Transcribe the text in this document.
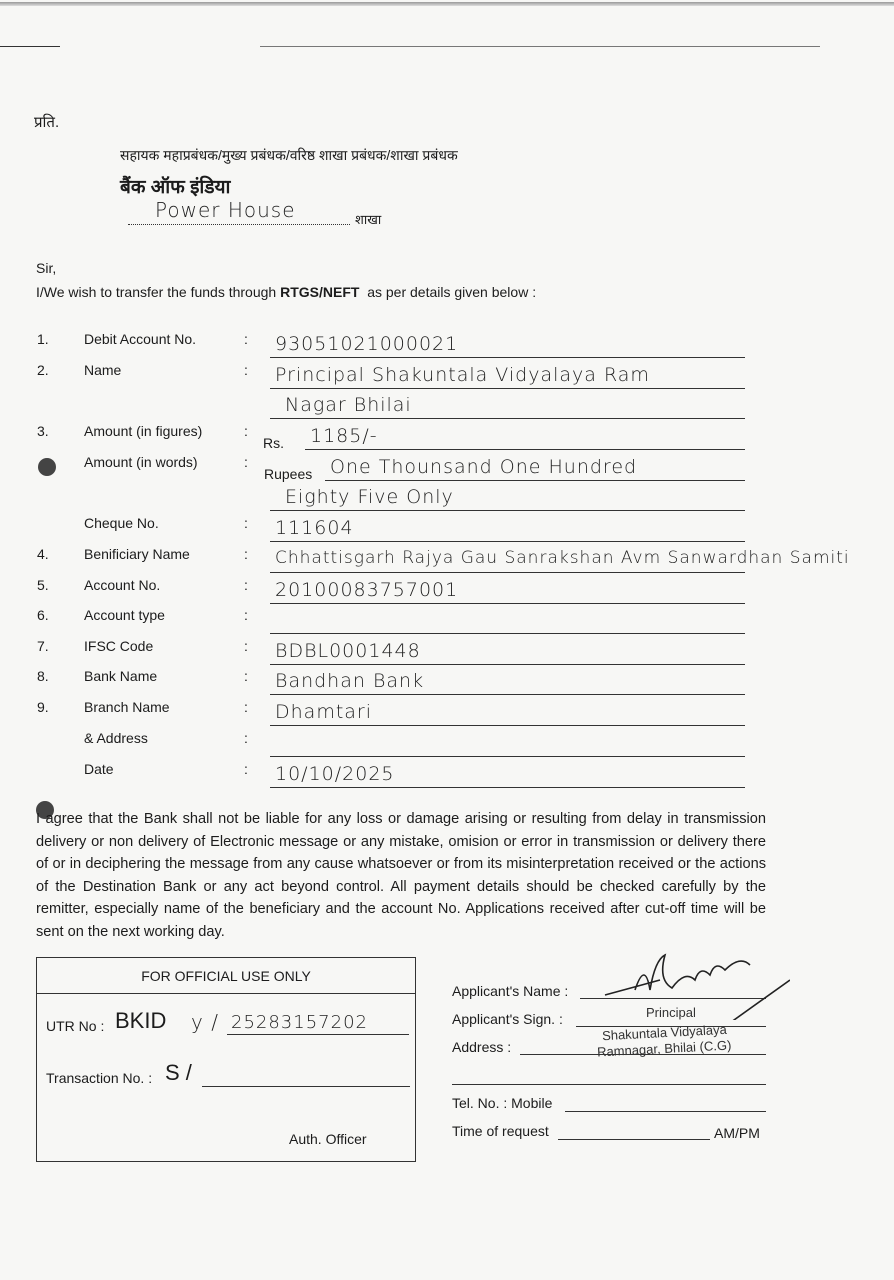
प्रति.
सहायक महाप्रबंधक/मुख्य प्रबंधक/वरिष्ठ शाखा प्रबंधक/शाखा प्रबंधक
बैंक ऑफ इंडिया
Power House	शाखा
Sir,
I/We wish to transfer the funds through RTGS/NEFT  as per details given below :
1.	Debit Account No.	: 93051021000021
2.	Name	: Principal Shakuntala Vidyalaya Ram
Nagar Bhilai
3.	Amount (in figures)	:
Rs. 1185/-
Amount (in words)	:
Rupees One Thounsand One Hundred
Eighty Five Only
Cheque No.	: 111604
4.	Benificiary Name	: Chhattisgarh Rajya Gau Sanrakshan Avm Sanwardhan Samiti
5.	Account No.	: 20100083757001
6.	Account type	:
7.	IFSC Code	: BDBL0001448
8.	Bank Name	: Bandhan Bank
9.	Branch Name	: Dhamtari
& Address	:
Date	: 10/10/2025
I agree that the Bank shall not be liable for any loss or damage arising or resulting from delay in transmission delivery or non delivery of Electronic message or any mistake, omision or error in transmission or delivery there of or in deciphering the message from any cause whatsoever or from its misinterpretation received or the actions of the Destination Bank or any act beyond control. All payment details should be checked carefully by the remitter, especially name of the beneficiary and the account No. Applications received after cut-off time will be sent on the next working day.
FOR OFFICIAL USE ONLY
UTR No : BKID y / 25283157202
Transaction No. : S /
Auth. Officer
Applicant's Name :
Applicant's Sign. :
Address :
Principal
Shakuntala Vidyalaya
Ramnagar, Bhilai (C.G)
Tel. No. : Mobile
Time of request	AM/PM
